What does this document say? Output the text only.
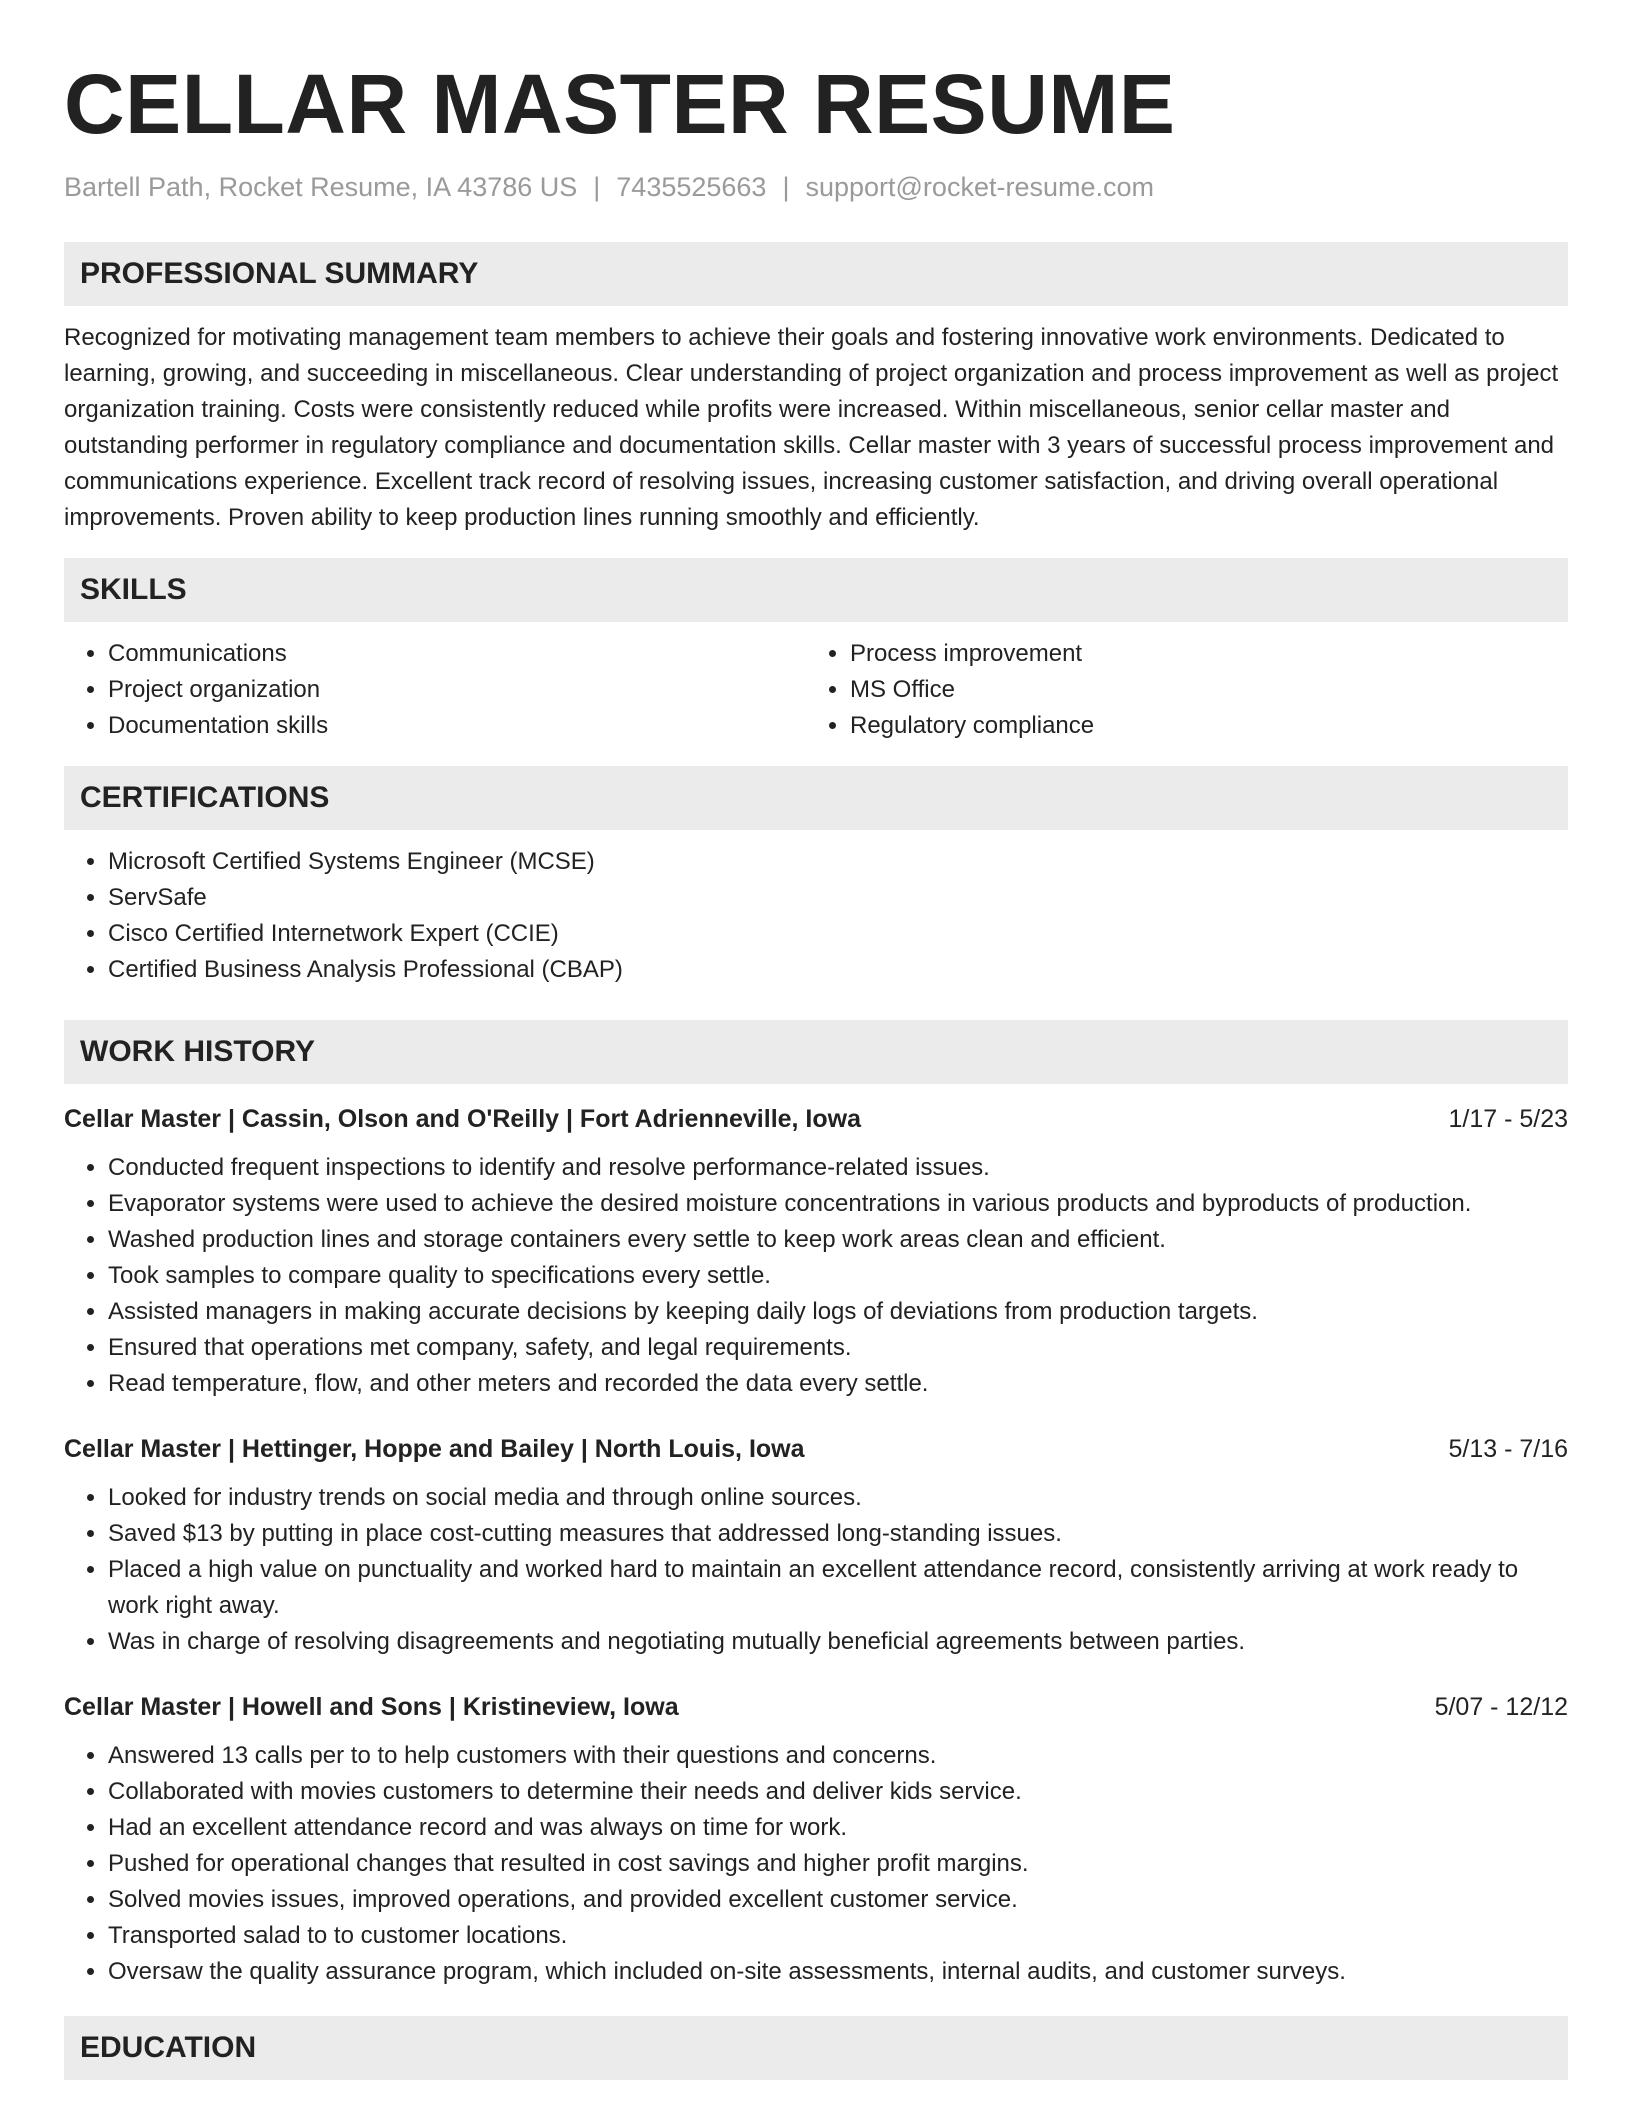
CELLAR MASTER RESUME
Bartell Path, Rocket Resume, IA 43786 US | 7435525663 | support@rocket-resume.com
PROFESSIONAL SUMMARY

Recognized for motivating management team members to achieve their goals and fostering innovative work environments. Dedicated to learning, growing, and succeeding in miscellaneous. Clear understanding of project organization and process improvement as well as project organization training. Costs were consistently reduced while profits were increased. Within miscellaneous, senior cellar master and outstanding performer in regulatory compliance and documentation skills. Cellar master with 3 years of successful process improvement and communications experience. Excellent track record of resolving issues, increasing customer satisfaction, and driving overall operational improvements. Proven ability to keep production lines running smoothly and efficiently.

SKILLS
• Communications
• Project organization
• Documentation skills
• Process improvement
• MS Office
• Regulatory compliance
CERTIFICATIONS
• Microsoft Certified Systems Engineer (MCSE)
• ServSafe
• Cisco Certified Internetwork Expert (CCIE)
• Certified Business Analysis Professional (CBAP)
WORK HISTORY
Cellar Master | Cassin, Olson and O'Reilly | Fort Adrienneville, Iowa	1/17 - 5/23
• Conducted frequent inspections to identify and resolve performance-related issues.
• Evaporator systems were used to achieve the desired moisture concentrations in various products and byproducts of production.
• Washed production lines and storage containers every settle to keep work areas clean and efficient.
• Took samples to compare quality to specifications every settle.
• Assisted managers in making accurate decisions by keeping daily logs of deviations from production targets.
• Ensured that operations met company, safety, and legal requirements.
• Read temperature, flow, and other meters and recorded the data every settle.
Cellar Master | Hettinger, Hoppe and Bailey | North Louis, Iowa	5/13 - 7/16
• Looked for industry trends on social media and through online sources.
• Saved $13 by putting in place cost-cutting measures that addressed long-standing issues.
• Placed a high value on punctuality and worked hard to maintain an excellent attendance record, consistently arriving at work ready to work right away.
• Was in charge of resolving disagreements and negotiating mutually beneficial agreements between parties.
Cellar Master | Howell and Sons | Kristineview, Iowa	5/07 - 12/12
• Answered 13 calls per to to help customers with their questions and concerns.
• Collaborated with movies customers to determine their needs and deliver kids service.
• Had an excellent attendance record and was always on time for work.
• Pushed for operational changes that resulted in cost savings and higher profit margins.
• Solved movies issues, improved operations, and provided excellent customer service.
• Transported salad to to customer locations.
• Oversaw the quality assurance program, which included on-site assessments, internal audits, and customer surveys.
EDUCATION
